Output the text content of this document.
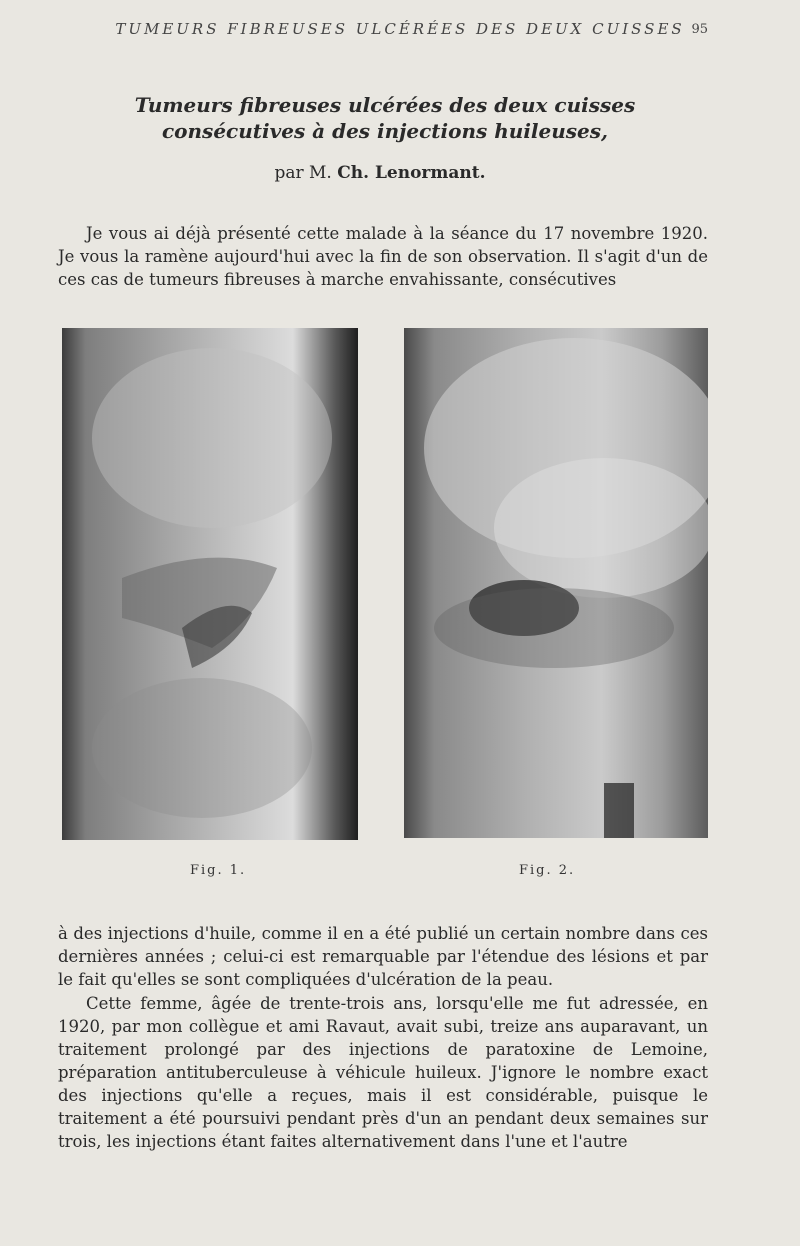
TUMEURS FIBREUSES ULCÉRÉES DES DEUX CUISSES 95
Tumeurs fibreuses ulcérées des deux cuisses
consécutives à des injections huileuses,
par M. Ch. Lenormant.

Je vous ai déjà présenté cette malade à la séance du 17 novembre 1920. Je vous la ramène aujourd'hui avec la fin de son observation. Il s'agit d'un de ces cas de tumeurs fibreuses à marche envahissante, consécutives

Fig. 1.	Fig. 2.

à des injections d'huile, comme il en a été publié un certain nombre dans ces dernières années ; celui-ci est remarquable par l'étendue des lésions et par le fait qu'elles se sont compliquées d'ulcération de la peau.

Cette femme, âgée de trente-trois ans, lorsqu'elle me fut adressée, en 1920, par mon collègue et ami Ravaut, avait subi, treize ans auparavant, un traitement prolongé par des injections de paratoxine de Lemoine, préparation antituberculeuse à véhicule huileux. J'ignore le nombre exact des injections qu'elle a reçues, mais il est considérable, puisque le traitement a été poursuivi pendant près d'un an pendant deux semaines sur trois, les injections étant faites alternativement dans l'une et l'autre
